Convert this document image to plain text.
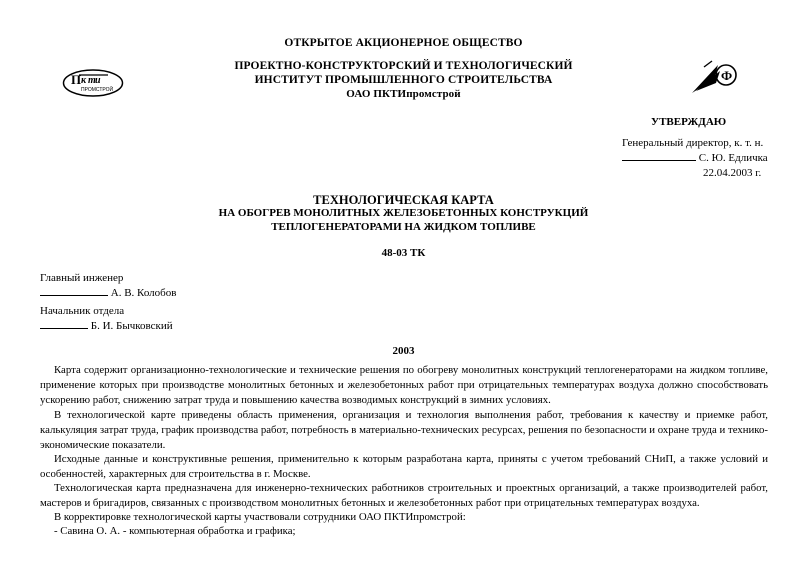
ОТКРЫТОЕ АКЦИОНЕРНОЕ ОБЩЕСТВО
ПРОЕКТНО-КОНСТРУКТОРСКИЙ И ТЕХНОЛОГИЧЕСКИЙ
ИНСТИТУТ ПРОМЫШЛЕННОГО СТРОИТЕЛЬСТВА
ОАО ПКТИпромстрой
П к т и
ПРОМСТРОЙ
Ф
УТВЕРЖДАЮ
Генеральный директор, к. т. н.
С. Ю. Едличка
22.04.2003 г.
ТЕХНОЛОГИЧЕСКАЯ КАРТА
НА ОБОГРЕВ МОНОЛИТНЫХ ЖЕЛЕЗОБЕТОННЫХ КОНСТРУКЦИЙ
ТЕПЛОГЕНЕРАТОРАМИ НА ЖИДКОМ ТОПЛИВЕ
48-03 ТК
Главный инженер
А. В. Колобов
Начальник отдела
Б. И. Бычковский
2003
Карта содержит организационно-технологические и технические решения по обогреву монолитных конструкций теплогенераторами на жидком топливе, применение которых при производстве монолитных бетонных и железобетонных работ при отрицательных температурах воздуха должно способствовать ускорению работ, снижению затрат труда и повышению качества возводимых конструкций в зимних условиях.
В технологической карте приведены область применения, организация и технология выполнения работ, требования к качеству и приемке работ, калькуляция затрат труда, график производства работ, потребность в материально-технических ресурсах, решения по безопасности и охране труда и технико-экономические показатели.
Исходные данные и конструктивные решения, применительно к которым разработана карта, приняты с учетом требований СНиП, а также условий и особенностей, характерных для строительства в г. Москве.
Технологическая карта предназначена для инженерно-технических работников строительных и проектных организаций, а также производителей работ, мастеров и бригадиров, связанных с производством монолитных бетонных и железобетонных работ при отрицательных температурах воздуха.
В корректировке технологической карты участвовали сотрудники ОАО ПКТИпромстрой:
- Савина О. А. - компьютерная обработка и графика;
